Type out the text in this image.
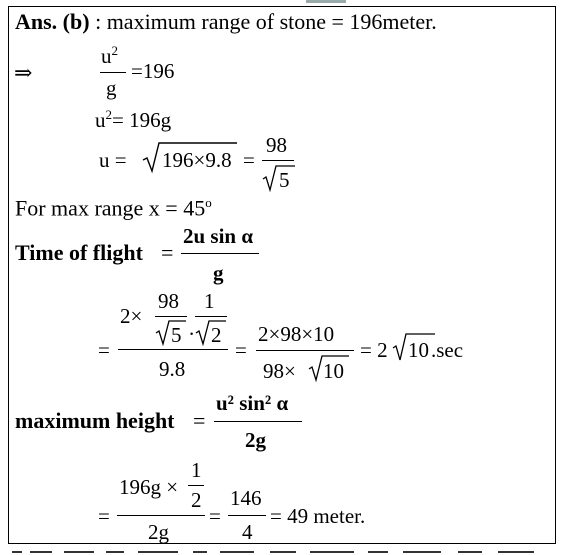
Ans. (b) : maximum range of stone = 196meter.
⇒
$u^2$
g
=196
$u^2= 196g$
u = 196×9.8 =
98
5
For max range $x = 45^o$
Time of flight =
2u sin α
g
=
2×
98
5 .
1
2
9.8
=
2×98×10
98× 10
= 2 10 .sec
maximum height =
u² sin² α
2g
=
196g ×
1
2
2g
=
146
4
= 49 meter.
